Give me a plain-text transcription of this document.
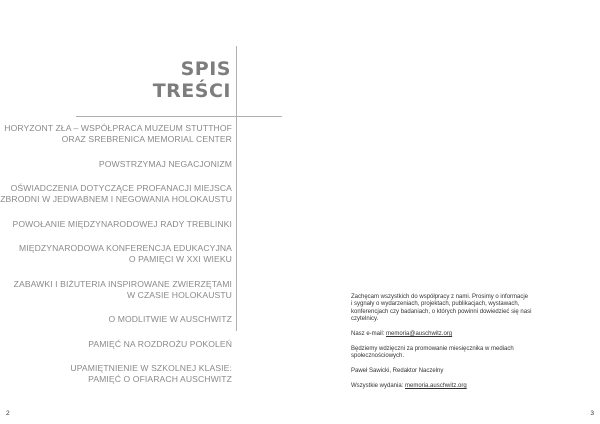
SPIS
TREŚCI
HORYZONT ZŁA – WSPÓŁPRACA MUZEUM STUTTHOF
ORAZ SREBRENICA MEMORIAL CENTER
POWSTRZYMAJ NEGACJONIZM
OŚWIADCZENIA DOTYCZĄCE PROFANACJI MIEJSCA
ZBRODNI W JEDWABNEM I NEGOWANIA HOLOKAUSTU
POWOŁANIE MIĘDZYNARODOWEJ RADY TREBLINKI
MIĘDZYNARODOWA KONFERENCJA EDUKACYJNA
O PAMIĘCI W XXI WIEKU
ZABAWKI I BIŻUTERIA INSPIROWANE ZWIERZĘTAMI
W CZASIE HOLOKAUSTU
O MODLITWIE W AUSCHWITZ
PAMIĘĆ NA ROZDROŻU POKOLEŃ
UPAMIĘTNIENIE W SZKOLNEJ KLASIE:
PAMIĘĆ O OFIARACH AUSCHWITZ

Zachęcam wszystkich do współpracy z nami. Prosimy o informacje
i sygnały o wydarzeniach, projektach, publikacjach, wystawach,
konferencjach czy badaniach, o których powinni dowiedzieć się nasi
czytelnicy.

Nasz e-mail: memoria@auschwitz.org

Będziemy wdzięczni za promowanie miesięcznika w mediach
społecznościowych.

Paweł Sawicki, Redaktor Naczelny

Wszystkie wydania: memoria.auschwitz.org

2	3
